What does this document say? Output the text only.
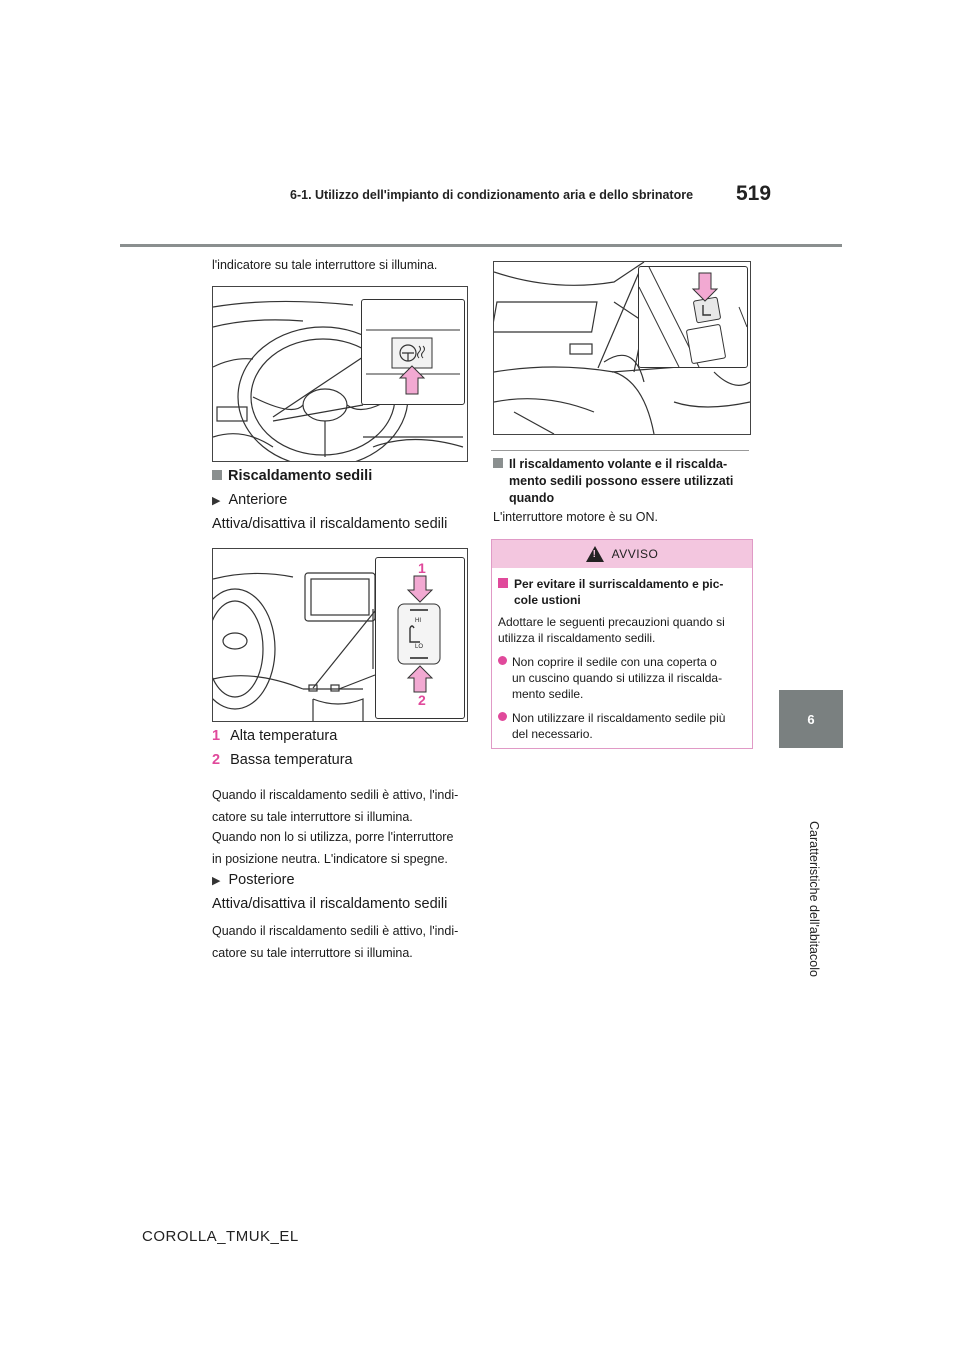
6-1. Utilizzo dell'impianto di condizionamento aria e dello sbrinatore 519
6
Caratteristiche dell'abitacolo
l'indicatore su tale interruttore si illumina.
Riscaldamento sedili
▶ Anteriore
Attiva/disattiva il riscaldamento sedili
HI
LO
1
2
1 Alta temperatura
2 Bassa temperatura
Quando il riscaldamento sedili è attivo, l'indi-
catore su tale interruttore si illumina.
Quando non lo si utilizza, porre l'interruttore
in posizione neutra. L'indicatore si spegne.
▶ Posteriore
Attiva/disattiva il riscaldamento sedili
Quando il riscaldamento sedili è attivo, l'indi-
catore su tale interruttore si illumina.
Il riscaldamento volante e il riscalda-
mento sedili possono essere utilizzati
quando
L'interruttore motore è su ON.
!
AVVISO
Per evitare il surriscaldamento e pic-
cole ustioni
Adottare le seguenti precauzioni quando si
utilizza il riscaldamento sedili.
Non coprire il sedile con una coperta o
un cuscino quando si utilizza il riscalda-
mento sedile.
Non utilizzare il riscaldamento sedile più
del necessario.
COROLLA_TMUK_EL
